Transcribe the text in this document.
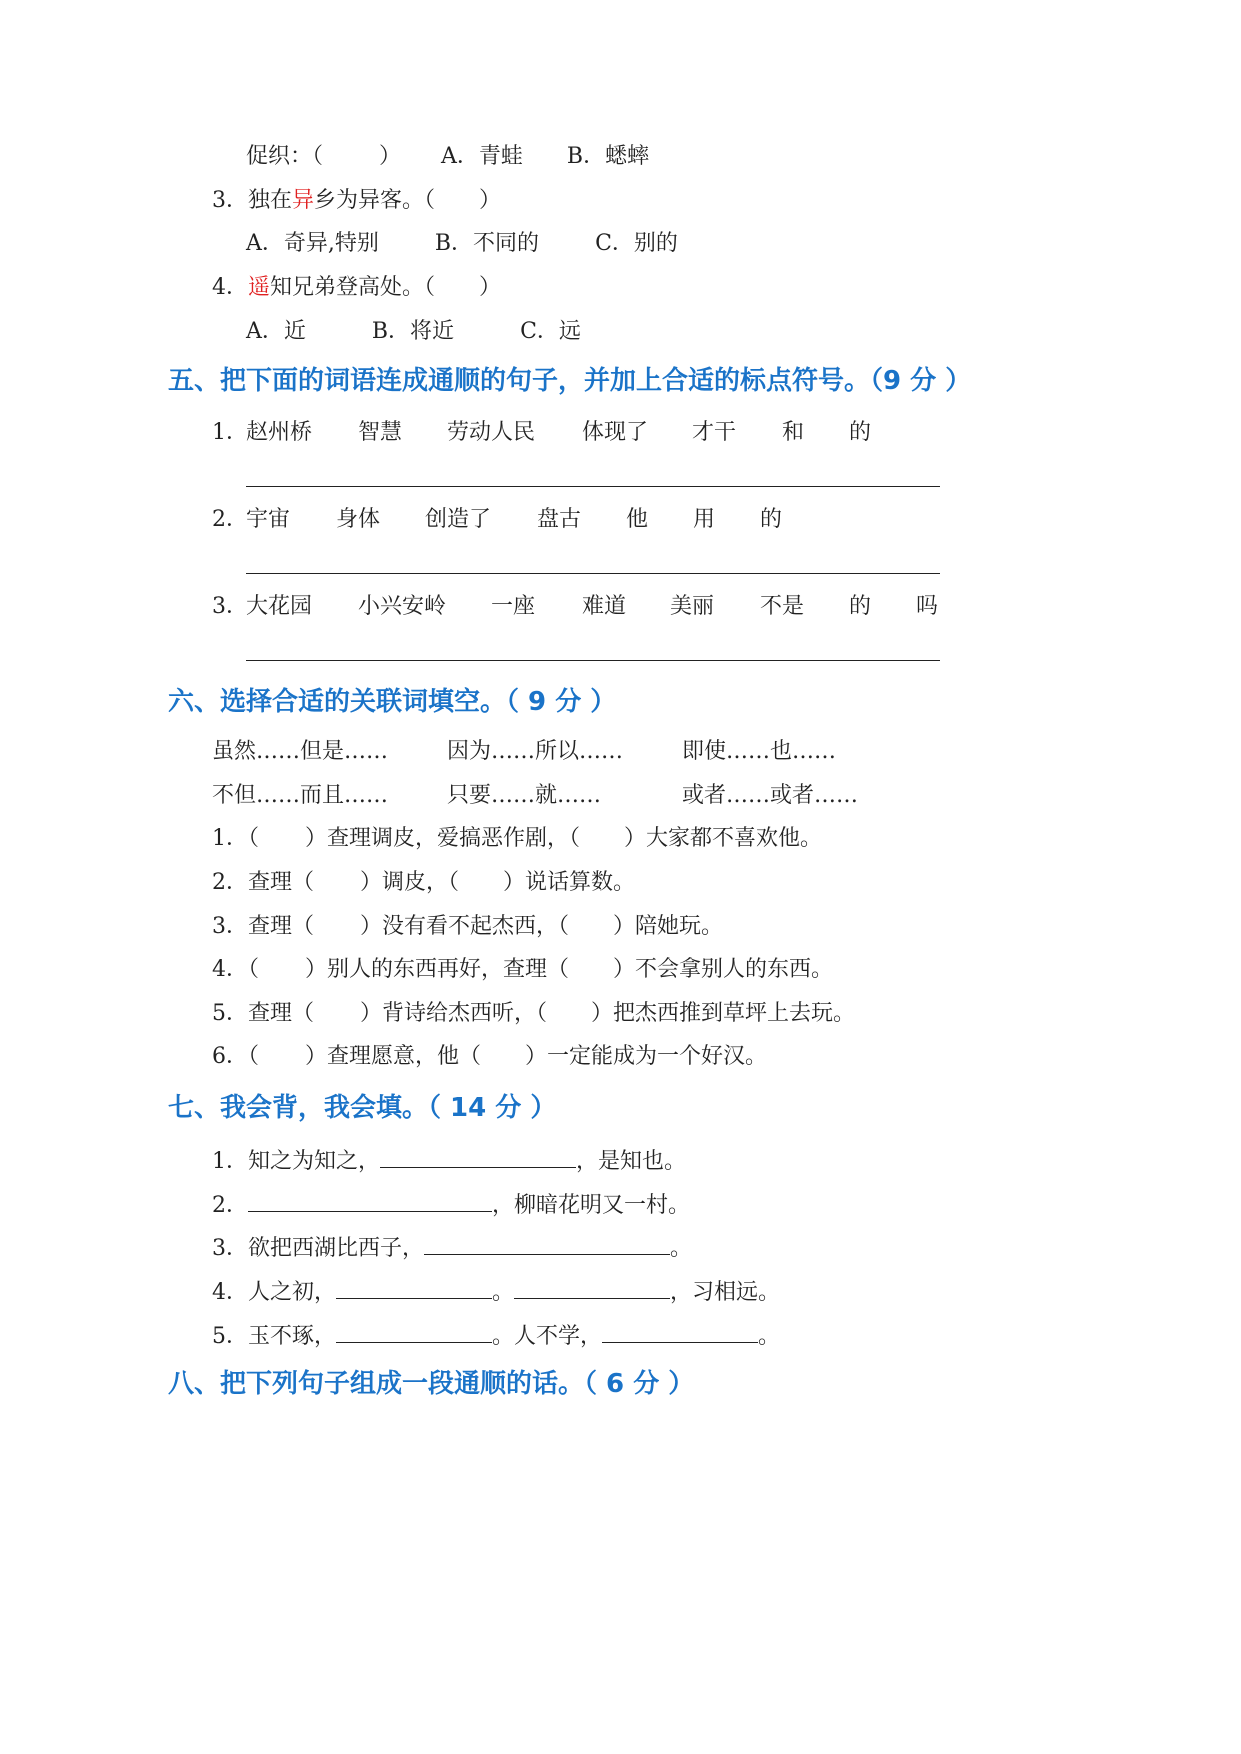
促织：（	） A．青蛙 B．蟋蟀
3．独在异乡为异客。（ ）
A．奇异,特别	B．不同的	C．别的
4．遥知兄弟登高处。（ ）
A．近	B．将近	C．远
五、把下面的词语连成通顺的句子，并加上合适的标点符号。（9 分 ）
1．
赵州桥 智慧 劳动人民 体现了 才干 和 的
2．
宇宙 身体 创造了 盘古 他 用 的
3．
大花园 小兴安岭 一座 难道 美丽 不是 的 吗
六、选择合适的关联词填空。（ 9 分 ）
虽然……但是……	因为……所以……	即使……也……
不但……而且……	只要……就……	或者……或者……
1．（ ）查理调皮，爱搞恶作剧，（ ）大家都不喜欢他。
2．查理（ ）调皮，（ ）说话算数。
3．查理（ ）没有看不起杰西，（ ）陪她玩。
4．（ ）别人的东西再好，查理（ ）不会拿别人的东西。
5．查理（ ）背诗给杰西听，（ ）把杰西推到草坪上去玩。
6．（ ）查理愿意，他（ ）一定能成为一个好汉。
七、我会背，我会填。（ 14 分 ）
1．知之为知之，	，是知也。
2．	，柳暗花明又一村。
3．欲把西湖比西子，	。
4．人之初，	。	，习相远。
5．玉不琢，	。人不学，	。
八、把下列句子组成一段通顺的话。（ 6 分 ）
